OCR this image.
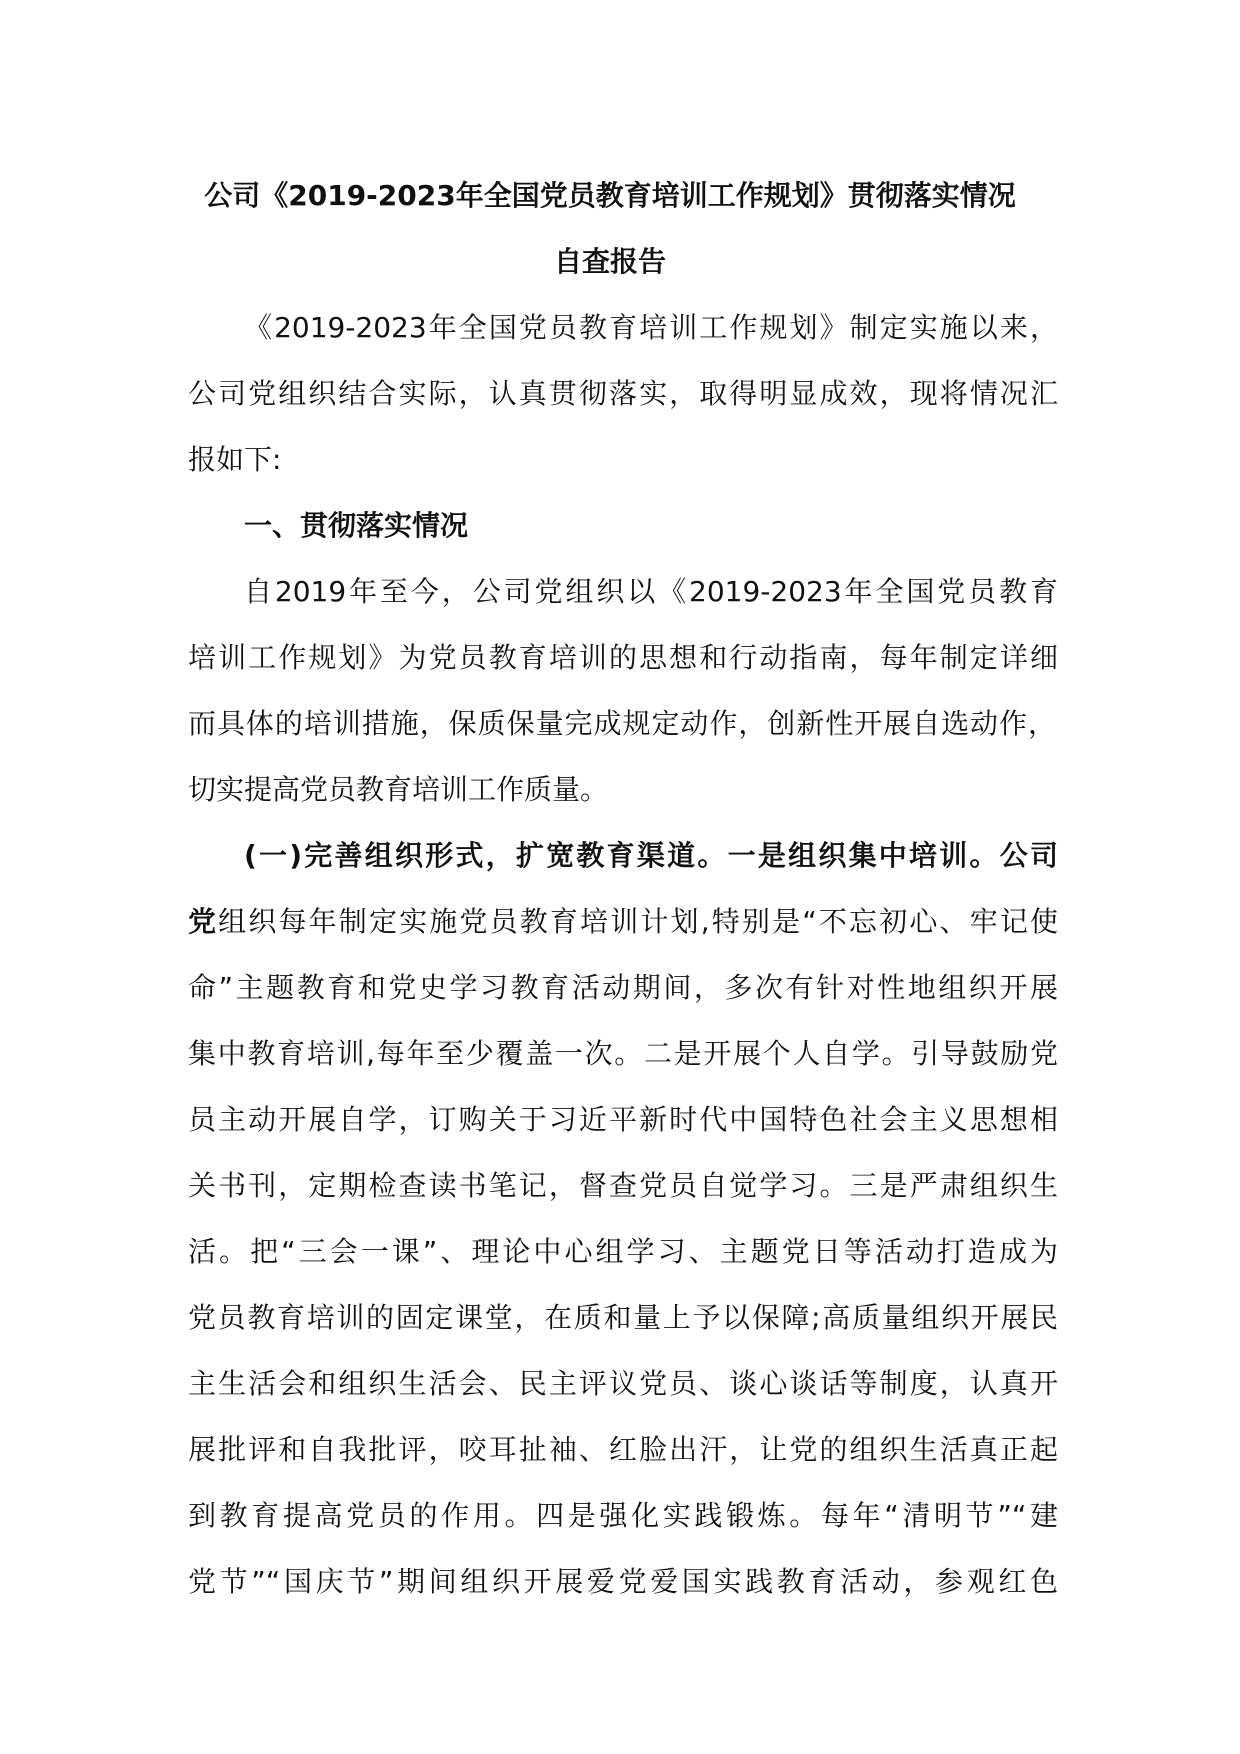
公司《2019-2023年全国党员教育培训工作规划》贯彻落实情况
自查报告
《2019-2023年全国党员教育培训工作规划》制定实施以来，
公司党组织结合实际，认真贯彻落实，取得明显成效，现将情况汇
报如下:
一、贯彻落实情况
自2019年至今，公司党组织以《2019-2023年全国党员教育
培训工作规划》为党员教育培训的思想和行动指南，每年制定详细
而具体的培训措施，保质保量完成规定动作，创新性开展自选动作，
切实提高党员教育培训工作质量。
(一)完善组织形式，扩宽教育渠道。一是组织集中培训。公司
党组织每年制定实施党员教育培训计划,特别是“不忘初心、牢记使
命”主题教育和党史学习教育活动期间，多次有针对性地组织开展
集中教育培训,每年至少覆盖一次。二是开展个人自学。引导鼓励党
员主动开展自学，订购关于习近平新时代中国特色社会主义思想相
关书刊，定期检查读书笔记，督查党员自觉学习。三是严肃组织生
活。把“三会一课”、理论中心组学习、主题党日等活动打造成为
党员教育培训的固定课堂，在质和量上予以保障;高质量组织开展民
主生活会和组织生活会、民主评议党员、谈心谈话等制度，认真开
展批评和自我批评，咬耳扯袖、红脸出汗，让党的组织生活真正起
到教育提高党员的作用。四是强化实践锻炼。每年“清明节”“建
党节”“国庆节”期间组织开展爱党爱国实践教育活动，参观红色
